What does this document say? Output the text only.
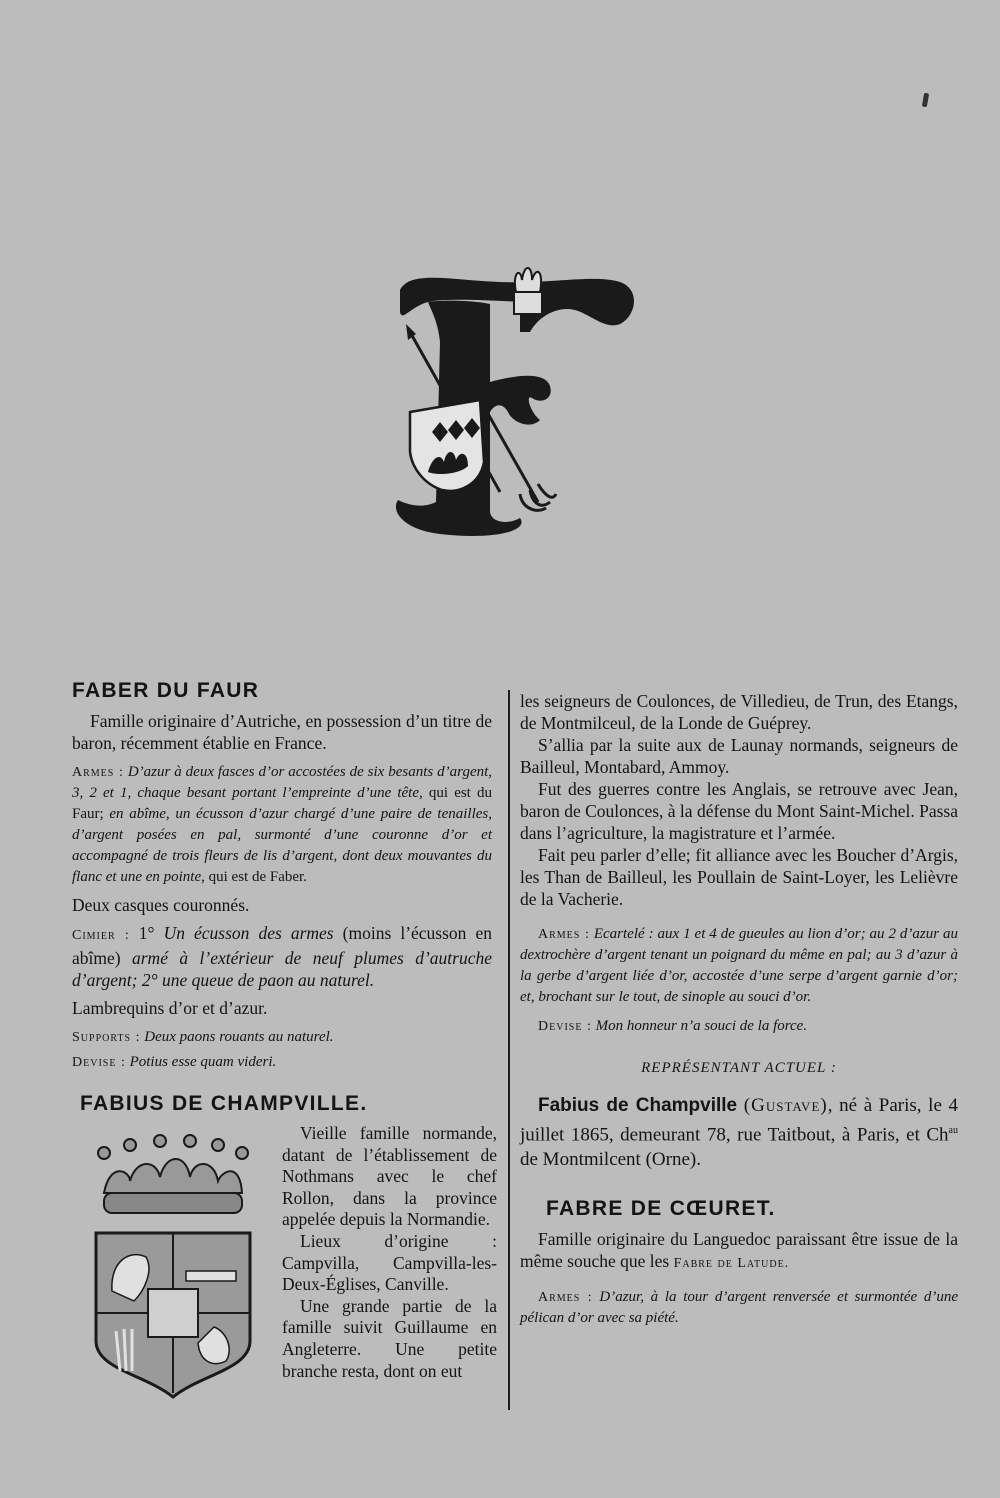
FABER DU FAUR

Famille originaire d’Autriche, en possession d’un titre de baron, récemment établie en France.

Armes : D’azur à deux fasces d’or accostées de six besants d’argent, 3, 2 et 1, chaque besant portant l’empreinte d’une tête, qui est du Faur; en abîme, un écusson d’azur chargé d’une paire de tenailles, d’argent posées en pal, surmonté d’une couronne d’or et accompagné de trois fleurs de lis d’argent, dont deux mouvantes du flanc et une en pointe, qui est de Faber.

Deux casques couronnés.

Cimier : 1° Un écusson des armes (moins l’écusson en abîme) armé à l’extérieur de neuf plumes d’autruche d’argent; 2° une queue de paon au naturel.

Lambrequins d’or et d’azur.

Supports : Deux paons rouants au naturel.

Devise : Potius esse quam videri.

FABIUS DE CHAMPVILLE.

Vieille famille normande, datant de l’établissement de Nothmans avec le chef Rollon, dans la province appelée depuis la Normandie.

Lieux d’origine : Campvilla, Campvilla-les-Deux-Églises, Canville.

Une grande partie de la famille suivit Guillaume en Angleterre. Une petite branche resta, dont on eut

les seigneurs de Coulonces, de Villedieu, de Trun, des Etangs, de Montmilceul, de la Londe de Guéprey.

S’allia par la suite aux de Launay normands, seigneurs de Bailleul, Montabard, Ammoy.

Fut des guerres contre les Anglais, se retrouve avec Jean, baron de Coulonces, à la défense du Mont Saint-Michel. Passa dans l’agriculture, la magistrature et l’armée.

Fait peu parler d’elle; fit alliance avec les Boucher d’Argis, les Than de Bailleul, les Poullain de Saint-Loyer, les Lelièvre de la Vacherie.

Armes : Ecartelé : aux 1 et 4 de gueules au lion d’or; au 2 d’azur au dextrochère d’argent tenant un poignard du même en pal; au 3 d’azur à la gerbe d’argent liée d’or, accostée d’une serpe d’argent garnie d’or; et, brochant sur le tout, de sinople au souci d’or.

Devise : Mon honneur n’a souci de la force.

REPRÉSENTANT ACTUEL :

Fabius de Champville (Gustave), né à Paris, le 4 juillet 1865, demeurant 78, rue Taitbout, à Paris, et $Ch^{au}$ de Montmilcent (Orne).

FABRE DE CŒURET.

Famille originaire du Languedoc paraissant être issue de la même souche que les Fabre de Latude.

Armes : D’azur, à la tour d’argent renversée et surmontée d’une pélican d’or avec sa piété.
